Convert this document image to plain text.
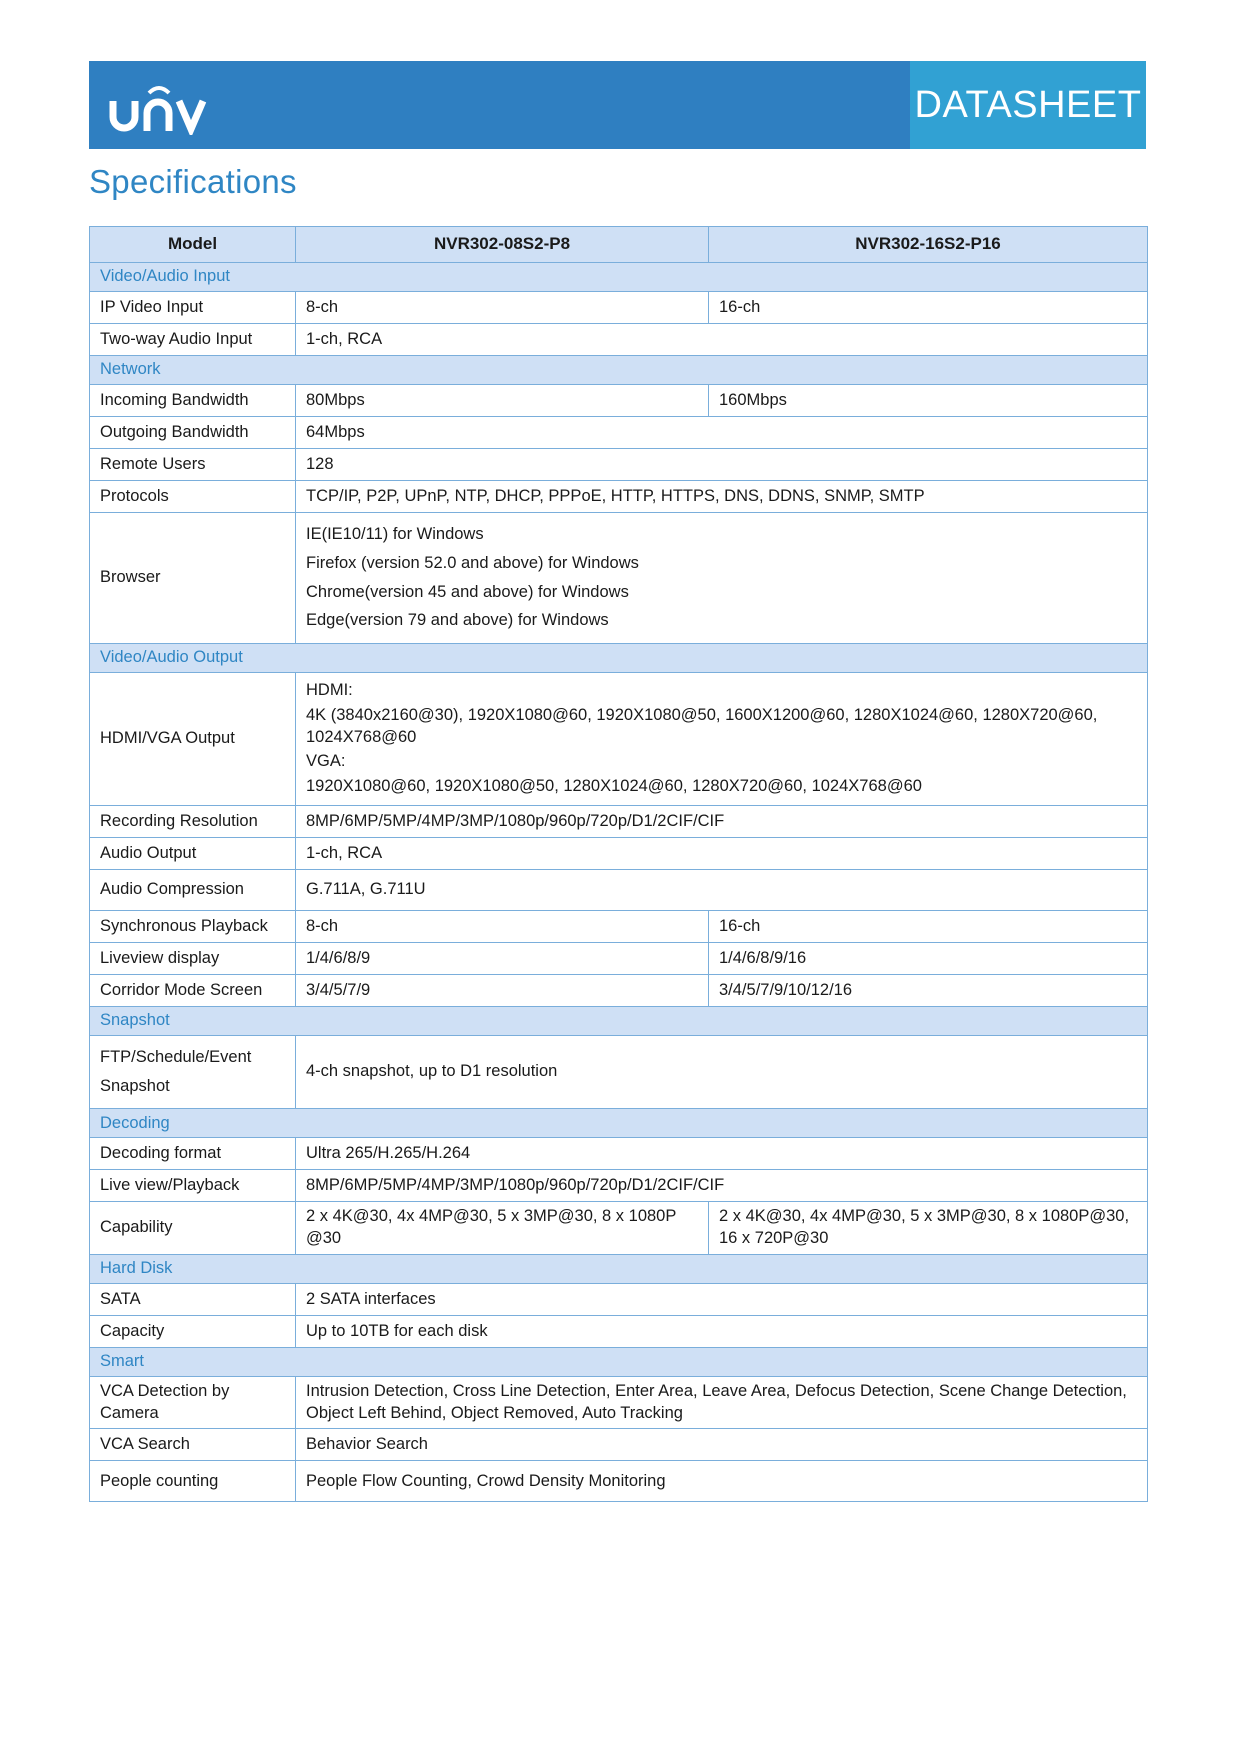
DATASHEET
Specifications
Model	NVR302-08S2-P8	NVR302-16S2-P16
Video/Audio Input		
IP Video Input	8-ch	16-ch
Two-way Audio Input	1-ch, RCA	
Network		
Incoming Bandwidth	80Mbps	160Mbps
Outgoing Bandwidth	64Mbps	
Remote Users	128	
Protocols	TCP/IP, P2P, UPnP, NTP, DHCP, PPPoE, HTTP, HTTPS, DNS, DDNS, SNMP, SMTP	
Browser	IE(IE10/11) for Windows
Firefox (version 52.0 and above) for Windows
Chrome(version 45 and above) for Windows
Edge(version 79 and above) for Windows	

Video/Audio Output		
HDMI/VGA Output	HDMI:
4K (3840x2160@30), 1920X1080@60, 1920X1080@50, 1600X1200@60, 1280X1024@60, 1280X720@60, 1024X768@60
VGA:
1920X1080@60, 1920X1080@50, 1280X1024@60, 1280X720@60, 1024X768@60	

Recording Resolution	8MP/6MP/5MP/4MP/3MP/1080p/960p/720p/D1/2CIF/CIF	
Audio Output	1-ch, RCA	
Audio Compression	G.711A, G.711U	
Synchronous Playback	8-ch	16-ch
Liveview display	1/4/6/8/9	1/4/6/8/9/16
Corridor Mode Screen	3/4/5/7/9	3/4/5/7/9/10/12/16
Snapshot		

FTP/Schedule/Event
Snapshot	4-ch snapshot, up to D1 resolution	
Decoding		
Decoding format	Ultra 265/H.265/H.264	
Live view/Playback	8MP/6MP/5MP/4MP/3MP/1080p/960p/720p/D1/2CIF/CIF	
Capability	2 x 4K@30, 4x 4MP@30, 5 x 3MP@30, 8 x 1080P @30	2 x 4K@30, 4x 4MP@30, 5 x 3MP@30, 8 x 1080P@30, 16 x 720P@30
Hard Disk		
SATA	2 SATA interfaces	
Capacity	Up to 10TB for each disk	
Smart		
VCA Detection by Camera	Intrusion Detection, Cross Line Detection, Enter Area, Leave Area, Defocus Detection, Scene Change Detection, Object Left Behind, Object Removed, Auto Tracking	
VCA Search	Behavior Search	
People counting	People Flow Counting, Crowd Density Monitoring	
